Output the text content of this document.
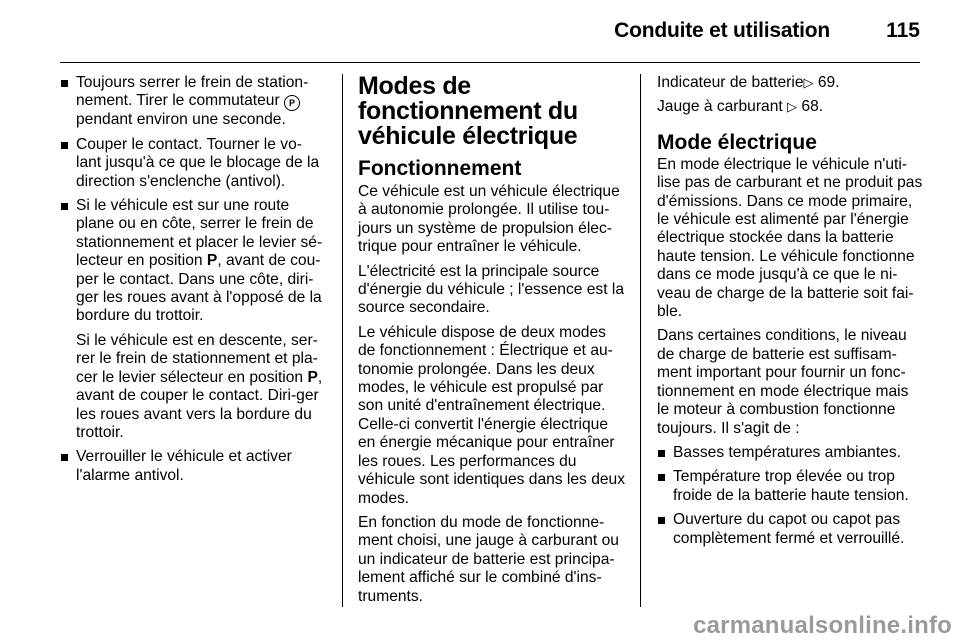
Conduite et utilisation	115
Toujours serrer le frein de station-nement. Tirer le commutateur P pendant environ une seconde.
Couper le contact. Tourner le vo-lant jusqu'à ce que le blocage de la direction s'enclenche (antivol).
Si le véhicule est sur une route plane ou en côte, serrer le frein de stationnement et placer le levier sé-lecteur en position P, avant de cou-per le contact. Dans une côte, diri-ger les roues avant à l'opposé de la bordure du trottoir.
Si le véhicule est en descente, ser-rer le frein de stationnement et pla-cer le levier sélecteur en position P, avant de couper le contact. Diri-ger les roues avant vers la bordure du trottoir.
Verrouiller le véhicule et activer l'alarme antivol.
Modes de fonctionnement du véhicule électrique
Fonctionnement

Ce véhicule est un véhicule électrique à autonomie prolongée. Il utilise tou-jours un système de propulsion élec-trique pour entraîner le véhicule.

L'électricité est la principale source d'énergie du véhicule ; l'essence est la source secondaire.

Le véhicule dispose de deux modes de fonctionnement : Électrique et au-tonomie prolongée. Dans les deux modes, le véhicule est propulsé par son unité d'entraînement électrique. Celle-ci convertit l'énergie électrique en énergie mécanique pour entraîner les roues. Les performances du véhicule sont identiques dans les deux modes.

En fonction du mode de fonctionne-ment choisi, une jauge à carburant ou un indicateur de batterie est principa-lement affiché sur le combiné d'ins-truments.

Indicateur de batterie▷ 69.

Jauge à carburant ▷ 68.

Mode électrique

En mode électrique le véhicule n'uti-lise pas de carburant et ne produit pas d'émissions. Dans ce mode primaire, le véhicule est alimenté par l'énergie électrique stockée dans la batterie haute tension. Le véhicule fonctionne dans ce mode jusqu'à ce que le ni-veau de charge de la batterie soit fai-ble.

Dans certaines conditions, le niveau de charge de batterie est suffisam-ment important pour fournir un fonc-tionnement en mode électrique mais le moteur à combustion fonctionne toujours. Il s'agit de :

Basses températures ambiantes.
Température trop élevée ou trop froide de la batterie haute tension.
Ouverture du capot ou capot pas complètement fermé et verrouillé.
carmanualsonline.info
